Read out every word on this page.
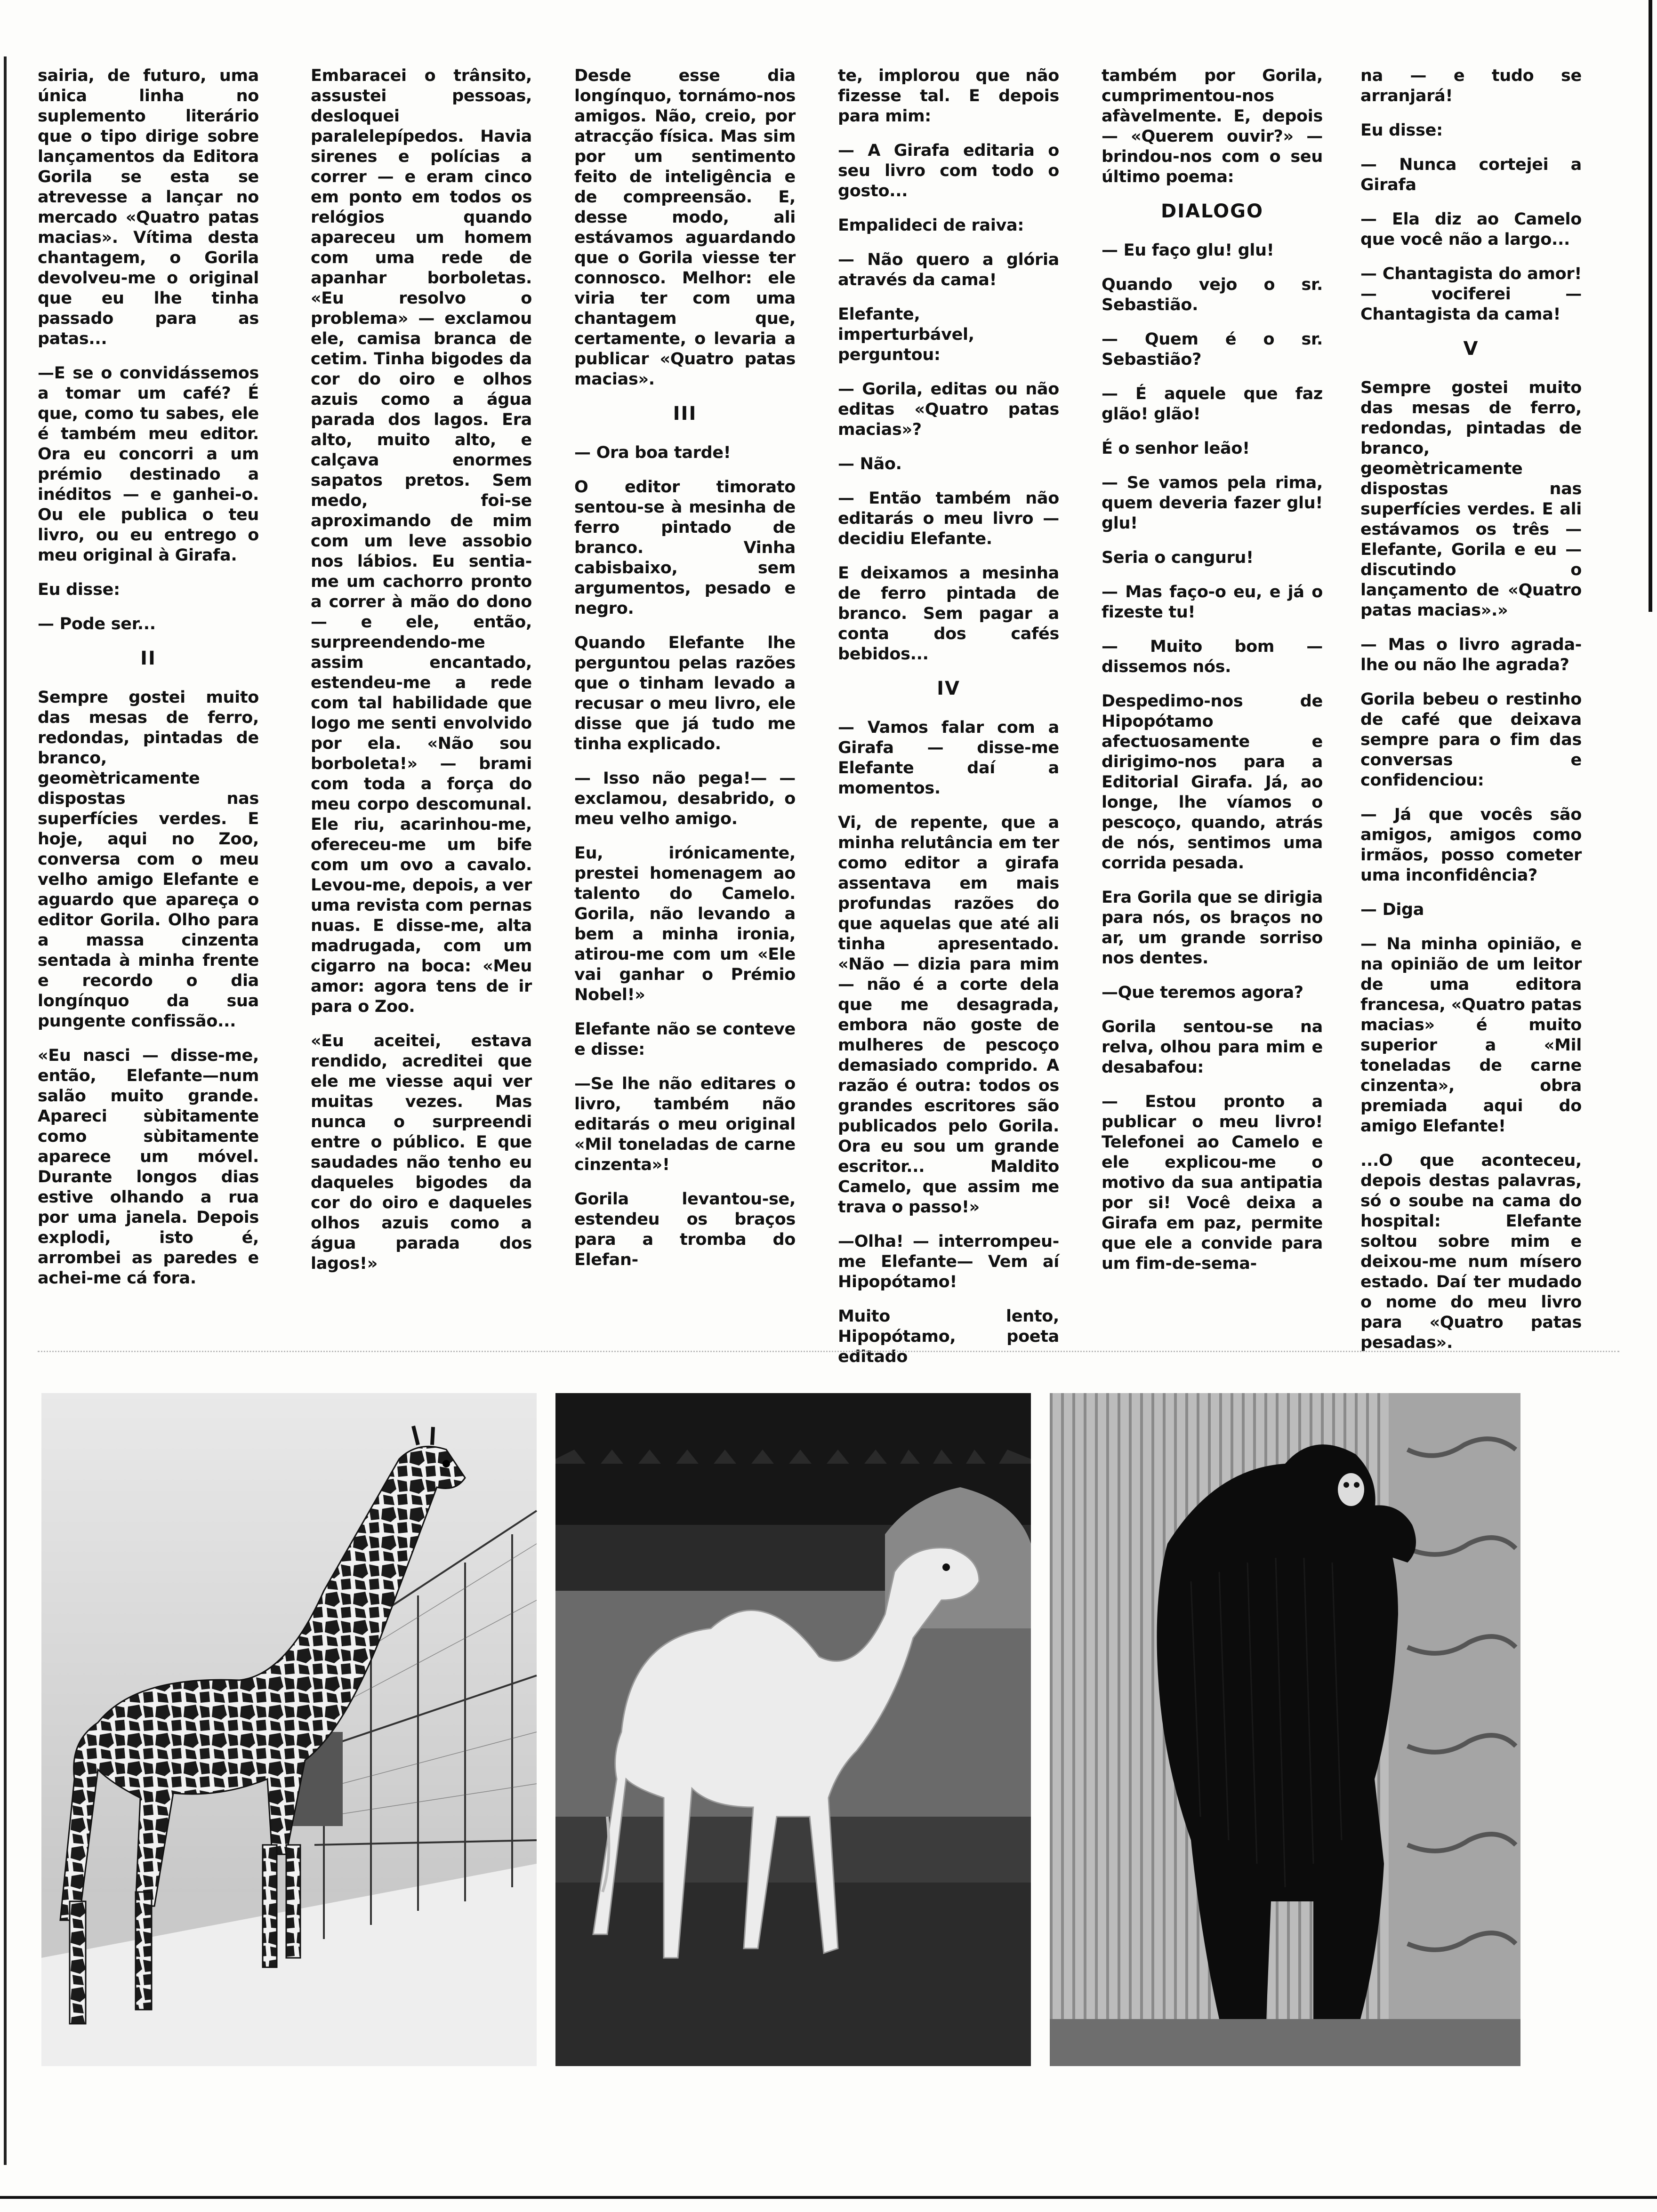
sairia, de futuro, uma única linha no suplemento literário que o tipo dirige sobre lançamentos da Editora Gorila se esta se atrevesse a lançar no mercado «Quatro patas macias». Vítima desta chantagem, o Gorila devolveu-me o original que eu lhe tinha passado para as patas...

—E se o convidássemos a tomar um café? É que, como tu sabes, ele é também meu editor. Ora eu concorri a um prémio destinado a inéditos — e ganhei-o. Ou ele publica o teu livro, ou eu entrego o meu original à Girafa.

Eu disse:

— Pode ser...

II

Sempre gostei muito das mesas de ferro, redondas, pintadas de branco, geomètricamente dispostas nas superfícies verdes. E hoje, aqui no Zoo, conversa com o meu velho amigo Elefante e aguardo que apareça o editor Gorila. Olho para a massa cinzenta sentada à minha frente e recordo o dia longínquo da sua pungente confissão...

«Eu nasci — disse-me, então, Elefante—num salão muito grande. Apareci sùbitamente como sùbitamente aparece um móvel. Durante longos dias estive olhando a rua por uma janela. Depois explodi, isto é, arrombei as paredes e achei-me cá fora.

Embaracei o trânsito, assustei pessoas, desloquei paralelepípedos. Havia sirenes e polícias a correr — e eram cinco em ponto em todos os relógios quando apareceu um homem com uma rede de apanhar borboletas. «Eu resolvo o problema» — exclamou ele, camisa branca de cetim. Tinha bigodes da cor do oiro e olhos azuis como a água parada dos lagos. Era alto, muito alto, e calçava enormes sapatos pretos. Sem medo, foi-se aproximando de mim com um leve assobio nos lábios. Eu sentia-me um cachorro pronto a correr à mão do dono — e ele, então, surpreendendo-me assim encantado, estendeu-me a rede com tal habilidade que logo me senti envolvido por ela. «Não sou borboleta!» — brami com toda a força do meu corpo descomunal. Ele riu, acarinhou-me, ofereceu-me um bife com um ovo a cavalo. Levou-me, depois, a ver uma revista com pernas nuas. E disse-me, alta madrugada, com um cigarro na boca: «Meu amor: agora tens de ir para o Zoo.

«Eu aceitei, estava rendido, acreditei que ele me viesse aqui ver muitas vezes. Mas nunca o surpreendi entre o público. E que saudades não tenho eu daqueles bigodes da cor do oiro e daqueles olhos azuis como a água parada dos lagos!»

Desde esse dia longínquo, tornámo-nos amigos. Não, creio, por atracção física. Mas sim por um sentimento feito de inteligência e de compreensão. E, desse modo, ali estávamos aguardando que o Gorila viesse ter connosco. Melhor: ele viria ter com uma chantagem que, certamente, o levaria a publicar «Quatro patas macias».

III

— Ora boa tarde!

O editor timorato sentou-se à mesinha de ferro pintado de branco. Vinha cabisbaixo, sem argumentos, pesado e negro.

Quando Elefante lhe perguntou pelas razões que o tinham levado a recusar o meu livro, ele disse que já tudo me tinha explicado.

— Isso não pega!— — exclamou, desabrido, o meu velho amigo.

Eu, irónicamente, prestei homenagem ao talento do Camelo. Gorila, não levando a bem a minha ironia, atirou-me com um «Ele vai ganhar o Prémio Nobel!»

Elefante não se conteve e disse:

—Se lhe não editares o livro, também não editarás o meu original «Mil toneladas de carne cinzenta»!

Gorila levantou-se, estendeu os braços para a tromba do Elefan-

te, implorou que não fizesse tal. E depois para mim:

— A Girafa editaria o seu livro com todo o gosto...

Empalideci de raiva:

— Não quero a glória através da cama!

Elefante, imperturbável, perguntou:

— Gorila, editas ou não editas «Quatro patas macias»?

— Não.

— Então também não editarás o meu livro — decidiu Elefante.

E deixamos a mesinha de ferro pintada de branco. Sem pagar a conta dos cafés bebidos...

IV

— Vamos falar com a Girafa — disse-me Elefante daí a momentos.

Vi, de repente, que a minha relutância em ter como editor a girafa assentava em mais profundas razões do que aquelas que até ali tinha apresentado. «Não — dizia para mim — não é a corte dela que me desagrada, embora não goste de mulheres de pescoço demasiado comprido. A razão é outra: todos os grandes escritores são publicados pelo Gorila. Ora eu sou um grande escritor... Maldito Camelo, que assim me trava o passo!»

—Olha! — interrompeu-me Elefante— Vem aí Hipopótamo!

Muito lento, Hipopótamo, poeta editado

também por Gorila, cumprimentou-nos afàvelmente. E, depois — «Querem ouvir?» — brindou-nos com o seu último poema:

DIALOGO

— Eu faço glu! glu!

Quando vejo o sr. Sebastião.

— Quem é o sr. Sebastião?

— É aquele que faz glão! glão!

É o senhor leão!

— Se vamos pela rima, quem deveria fazer glu! glu!

Seria o canguru!

— Mas faço-o eu, e já o fizeste tu!

— Muito bom — dissemos nós.

Despedimo-nos de Hipopótamo afectuosamente e dirigimo-nos para a Editorial Girafa. Já, ao longe, lhe víamos o pescoço, quando, atrás de nós, sentimos uma corrida pesada.

Era Gorila que se dirigia para nós, os braços no ar, um grande sorriso nos dentes.

—Que teremos agora?

Gorila sentou-se na relva, olhou para mim e desabafou:

— Estou pronto a publicar o meu livro! Telefonei ao Camelo e ele explicou-me o motivo da sua antipatia por si! Você deixa a Girafa em paz, permite que ele a convide para um fim-de-sema-

na — e tudo se arranjará!

Eu disse:

— Nunca cortejei a Girafa

— Ela diz ao Camelo que você não a largo...

— Chantagista do amor! — vociferei — Chantagista da cama!

V

Sempre gostei muito das mesas de ferro, redondas, pintadas de branco, geomètricamente dispostas nas superfícies verdes. E ali estávamos os três — Elefante, Gorila e eu — discutindo o lançamento de «Quatro patas macias».»

— Mas o livro agrada-lhe ou não lhe agrada?

Gorila bebeu o restinho de café que deixava sempre para o fim das conversas e confidenciou:

— Já que vocês são amigos, amigos como irmãos, posso cometer uma inconfidência?

— Diga

— Na minha opinião, e na opinião de um leitor de uma editora francesa, «Quatro patas macias» é muito superior a «Mil toneladas de carne cinzenta», obra premiada aqui do amigo Elefante!

...O que aconteceu, depois destas palavras, só o soube na cama do hospital: Elefante soltou sobre mim e deixou-me num mísero estado. Daí ter mudado o nome do meu livro para «Quatro patas pesadas».
